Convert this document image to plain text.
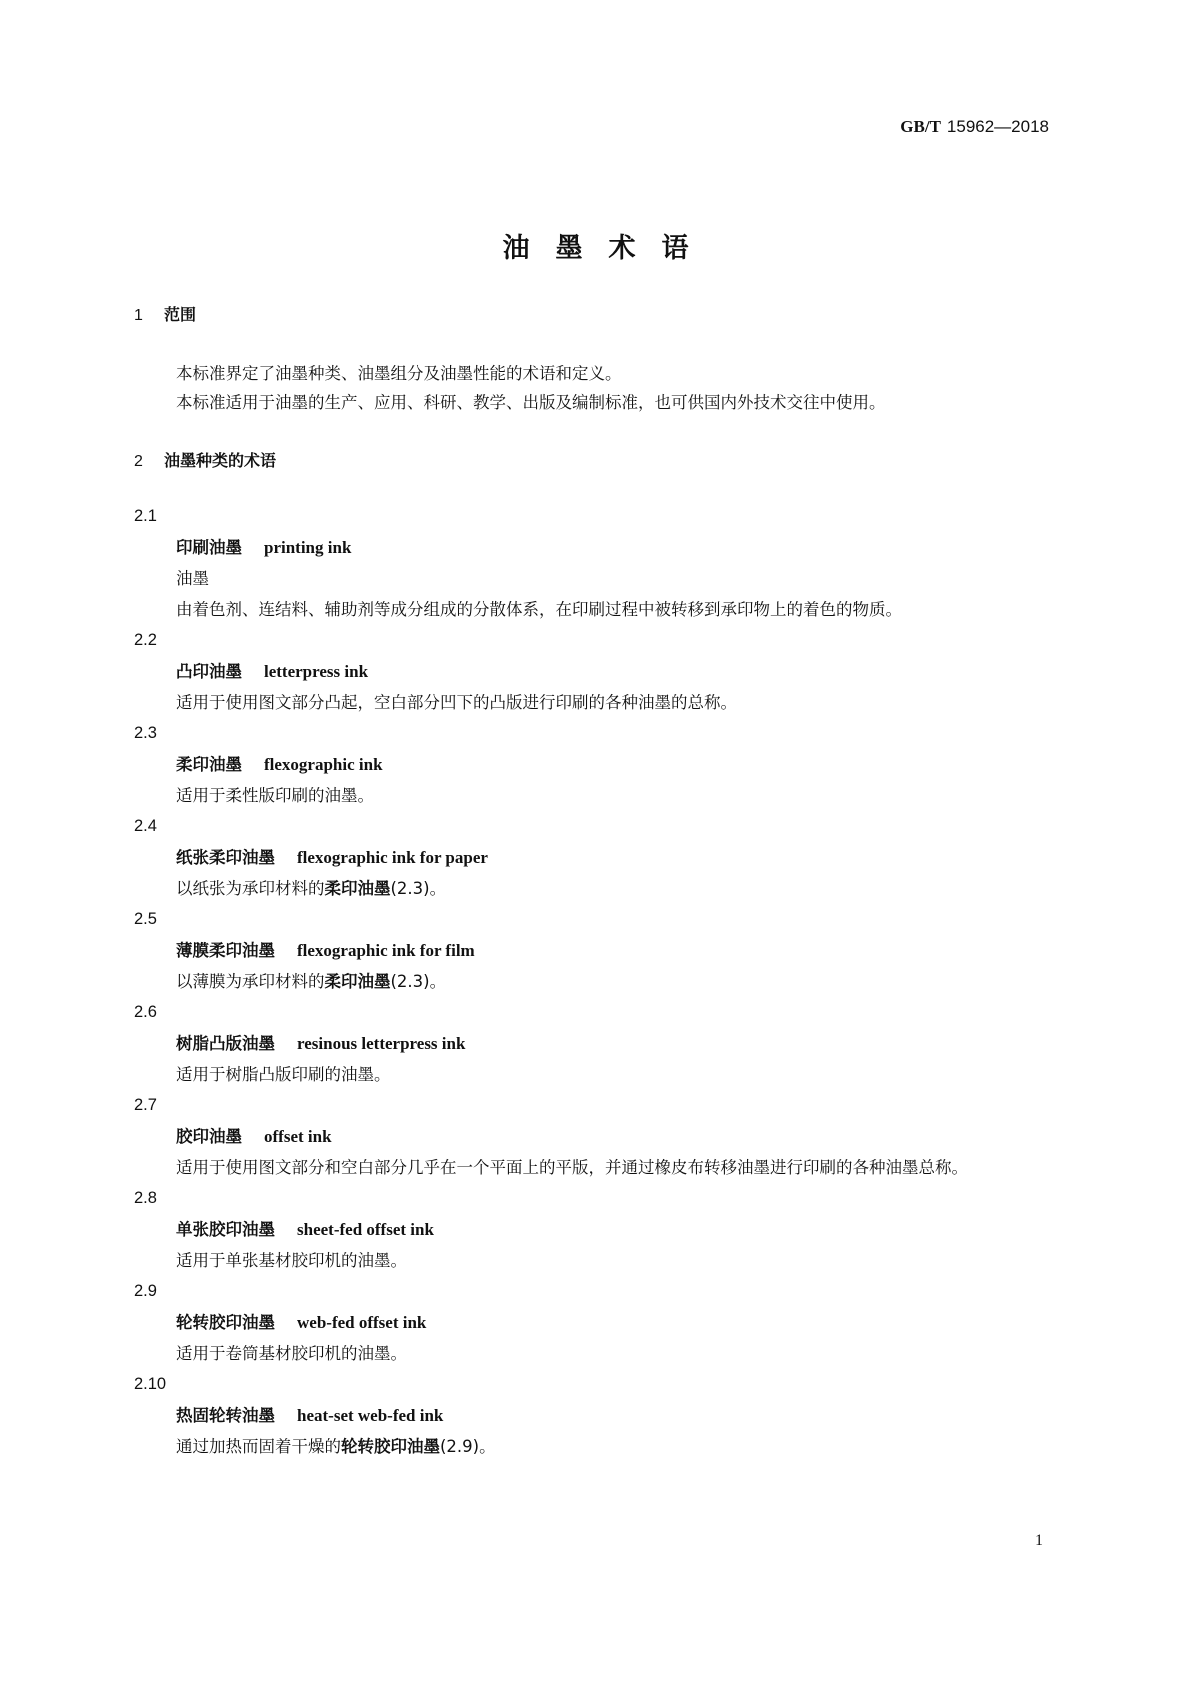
GB/T 15962—2018
油墨术语
1 范围
本标准界定了油墨种类、油墨组分及油墨性能的术语和定义。
本标准适用于油墨的生产、应用、科研、教学、出版及编制标准，也可供国内外技术交往中使用。
2 油墨种类的术语
2.1
印刷油墨 printing ink
油墨
由着色剂、连结料、辅助剂等成分组成的分散体系，在印刷过程中被转移到承印物上的着色的物质。
2.2
凸印油墨 letterpress ink
适用于使用图文部分凸起，空白部分凹下的凸版进行印刷的各种油墨的总称。
2.3
柔印油墨 flexographic ink
适用于柔性版印刷的油墨。
2.4
纸张柔印油墨 flexographic ink for paper
以纸张为承印材料的柔印油墨(2.3)。
2.5
薄膜柔印油墨 flexographic ink for film
以薄膜为承印材料的柔印油墨(2.3)。
2.6
树脂凸版油墨 resinous letterpress ink
适用于树脂凸版印刷的油墨。
2.7
胶印油墨 offset ink
适用于使用图文部分和空白部分几乎在一个平面上的平版，并通过橡皮布转移油墨进行印刷的各种油墨总称。
2.8
单张胶印油墨 sheet-fed offset ink
适用于单张基材胶印机的油墨。
2.9
轮转胶印油墨 web-fed offset ink
适用于卷筒基材胶印机的油墨。
2.10
热固轮转油墨 heat-set web-fed ink
通过加热而固着干燥的轮转胶印油墨(2.9)。
1
